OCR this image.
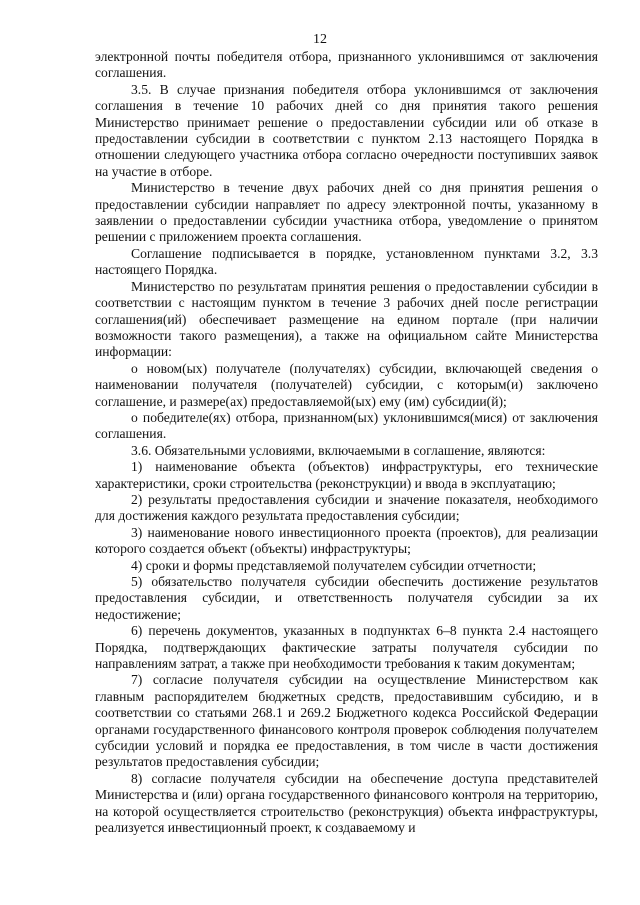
12

электронной почты победителя отбора, признанного уклонившимся от заключения соглашения.

3.5. В случае признания победителя отбора уклонившимся от заключения соглашения в течение 10 рабочих дней со дня принятия такого решения Министерство принимает решение о предоставлении субсидии или об отказе в предоставлении субсидии в соответствии с пунктом 2.13 настоящего Порядка в отношении следующего участника отбора согласно очередности поступивших заявок на участие в отборе.

Министерство в течение двух рабочих дней со дня принятия решения о предоставлении субсидии направляет по адресу электронной почты, указанному в заявлении о предоставлении субсидии участника отбора, уведомление о принятом решении с приложением проекта соглашения.

Соглашение подписывается в порядке, установленном пунктами 3.2, 3.3 настоящего Порядка.

Министерство по результатам принятия решения о предоставлении субсидии в соответствии с настоящим пунктом в течение 3 рабочих дней после регистрации соглашения(ий) обеспечивает размещение на едином портале (при наличии возможности такого размещения), а также на официальном сайте Министерства информации:

о новом(ых) получателе (получателях) субсидии, включающей сведения о наименовании получателя (получателей) субсидии, с которым(и) заключено соглашение, и размере(ах) предоставляемой(ых) ему (им) субсидии(й);

о победителе(ях) отбора, признанном(ых) уклонившимся(мися) от заключения соглашения.

3.6. Обязательными условиями, включаемыми в соглашение, являются:

1) наименование объекта (объектов) инфраструктуры, его технические характеристики, сроки строительства (реконструкции) и ввода в эксплуатацию;

2) результаты предоставления субсидии и значение показателя, необходимого для достижения каждого результата предоставления субсидии;

3) наименование нового инвестиционного проекта (проектов), для реализации которого создается объект (объекты) инфраструктуры;

4) сроки и формы представляемой получателем субсидии отчетности;

5) обязательство получателя субсидии обеспечить достижение результатов предоставления субсидии, и ответственность получателя субсидии за их недостижение;

6) перечень документов, указанных в подпунктах 6–8 пункта 2.4 настоящего Порядка, подтверждающих фактические затраты получателя субсидии по направлениям затрат, а также при необходимости требования к таким документам;

7) согласие получателя субсидии на осуществление Министерством как главным распорядителем бюджетных средств, предоставившим субсидию, и в соответствии со статьями 268.1 и 269.2 Бюджетного кодекса Российской Федерации органами государственного финансового контроля проверок соблюдения получателем субсидии условий и порядка ее предоставления, в том числе в части достижения результатов предоставления субсидии;

8) согласие получателя субсидии на обеспечение доступа представителей Министерства и (или) органа государственного финансового контроля на территорию, на которой осуществляется строительство (реконструкция) объекта инфраструктуры, реализуется инвестиционный проект, к создаваемому и
